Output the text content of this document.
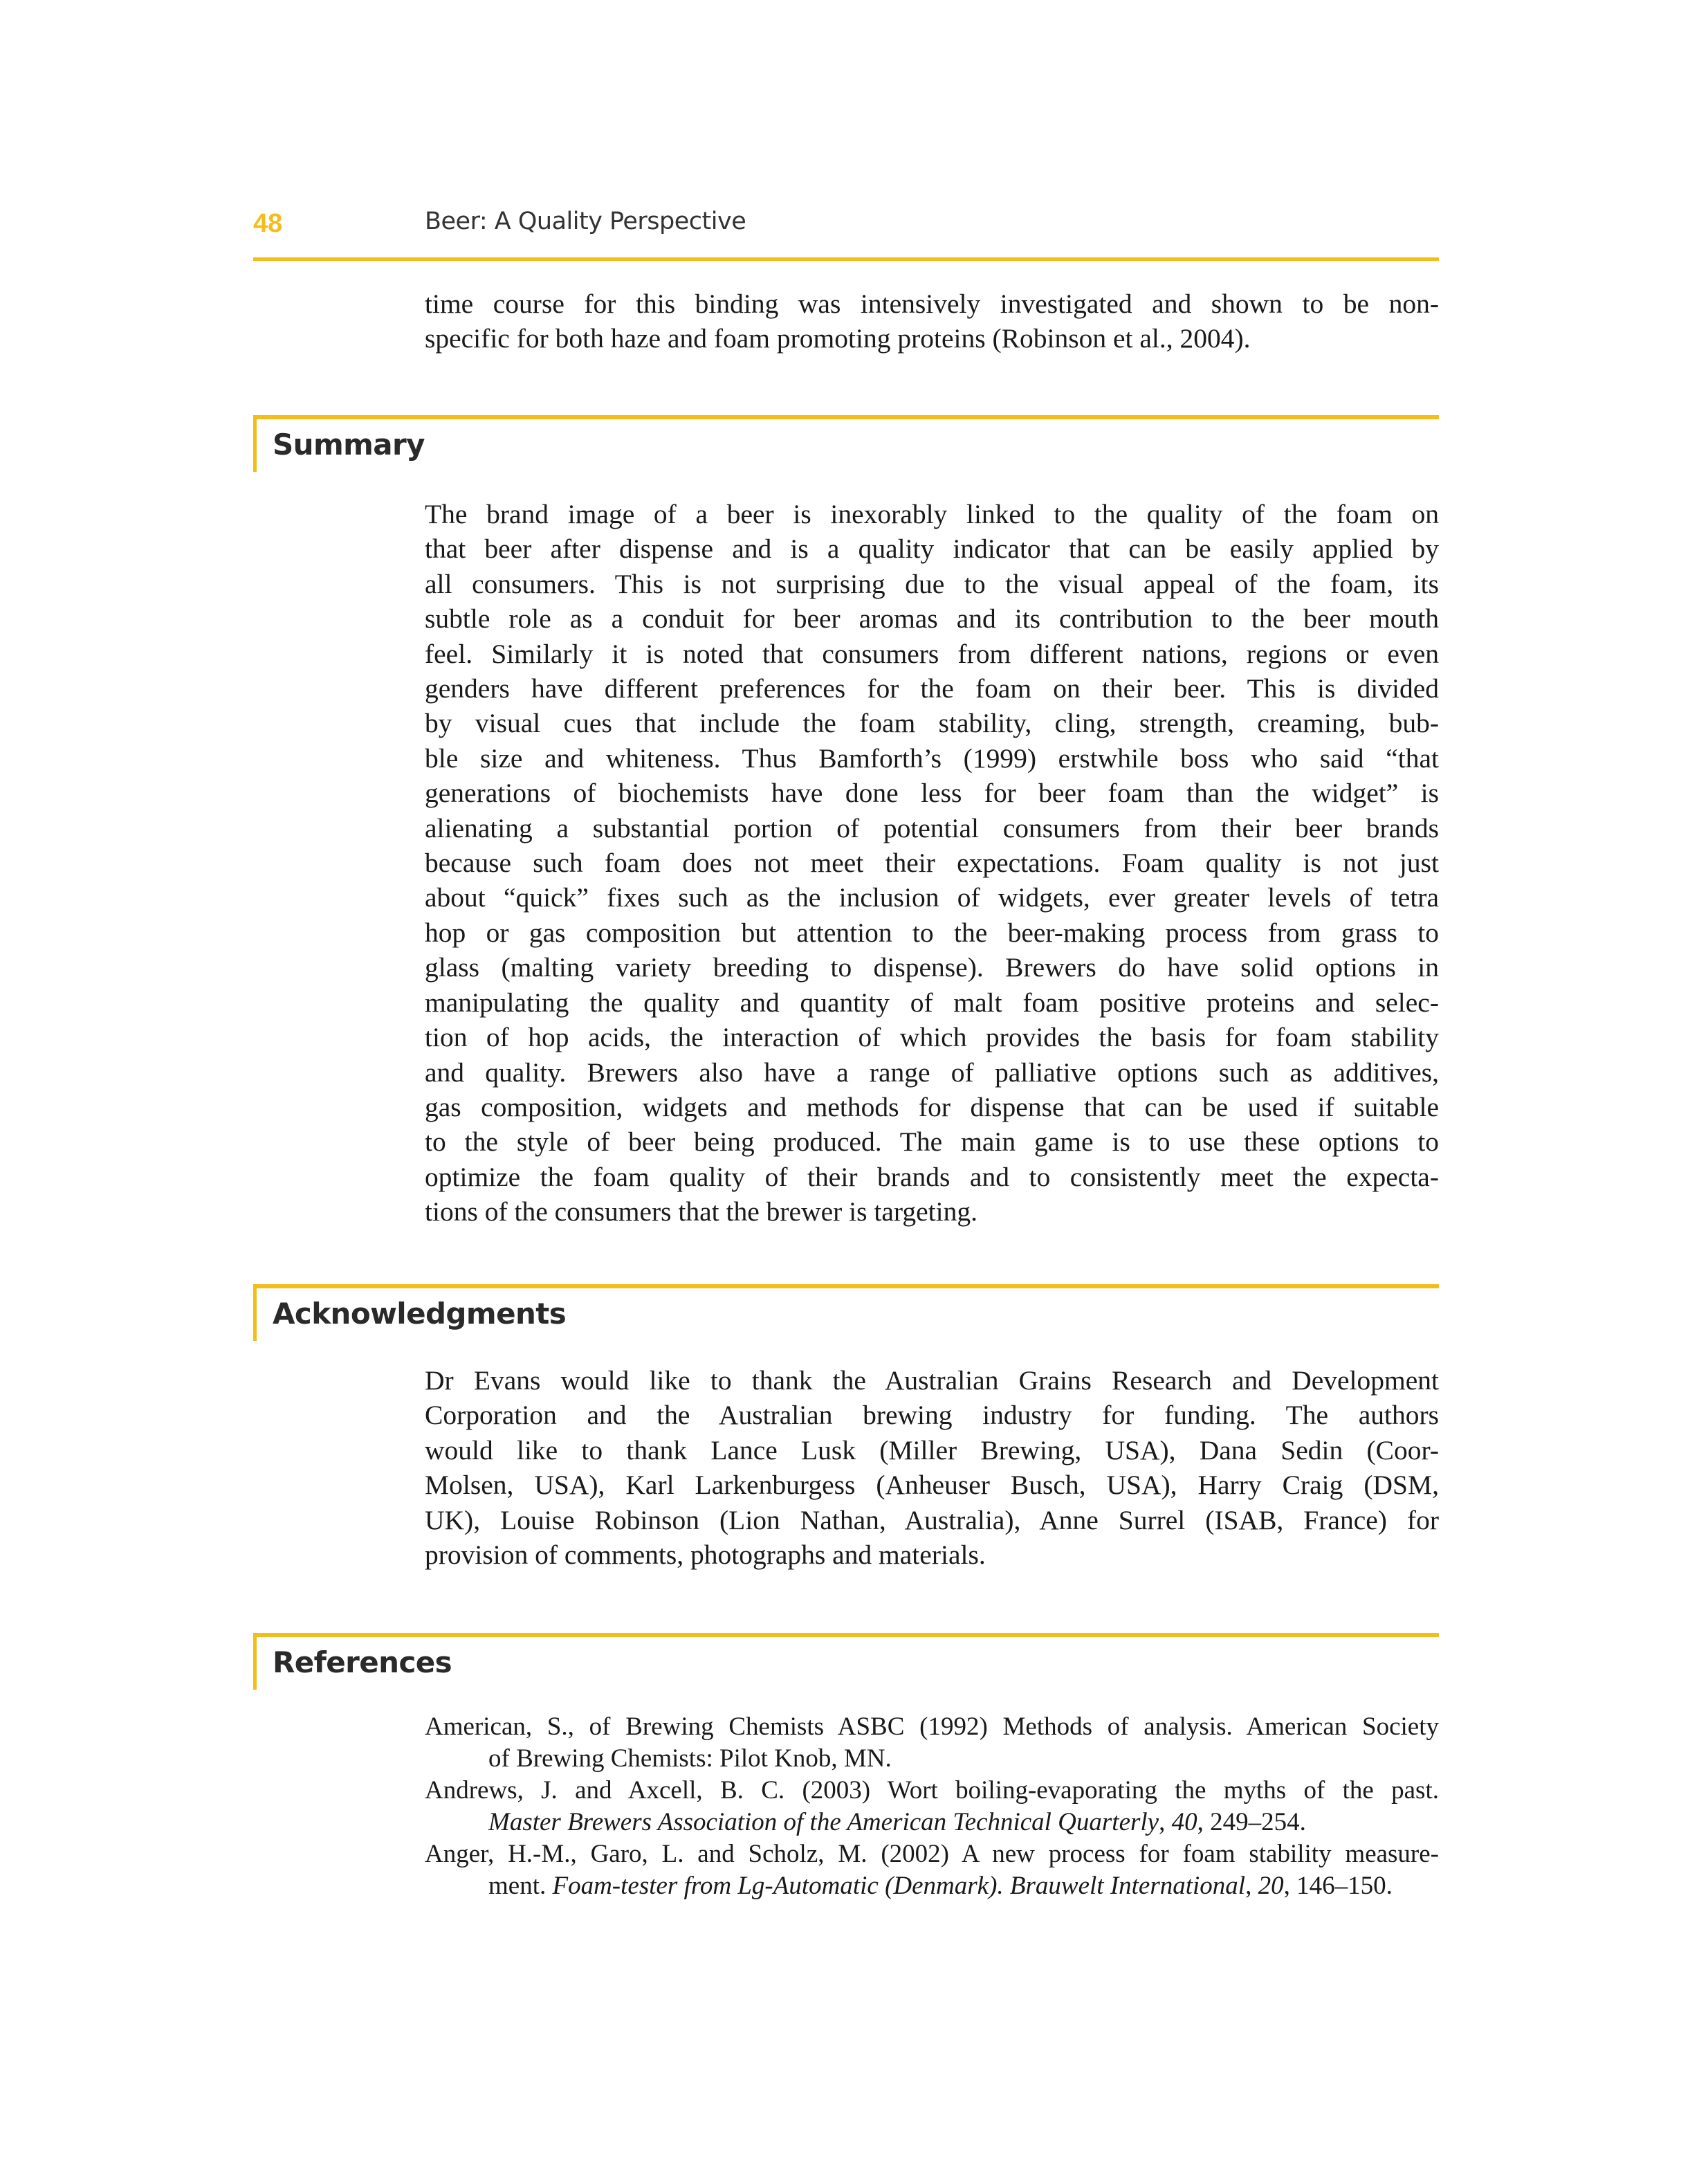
48	Beer: A Quality Perspective
time course for this binding was intensively investigated and shown to be non-
specific for both haze and foam promoting proteins (Robinson et al., 2004).
Summary
The brand image of a beer is inexorably linked to the quality of the foam on
that beer after dispense and is a quality indicator that can be easily applied by
all consumers. This is not surprising due to the visual appeal of the foam, its
subtle role as a conduit for beer aromas and its contribution to the beer mouth
feel. Similarly it is noted that consumers from different nations, regions or even
genders have different preferences for the foam on their beer. This is divided
by visual cues that include the foam stability, cling, strength, creaming, bub-
ble size and whiteness. Thus Bamforth’s (1999) erstwhile boss who said “that
generations of biochemists have done less for beer foam than the widget” is
alienating a substantial portion of potential consumers from their beer brands
because such foam does not meet their expectations. Foam quality is not just
about “quick” fixes such as the inclusion of widgets, ever greater levels of tetra
hop or gas composition but attention to the beer-making process from grass to
glass (malting variety breeding to dispense). Brewers do have solid options in
manipulating the quality and quantity of malt foam positive proteins and selec-
tion of hop acids, the interaction of which provides the basis for foam stability
and quality. Brewers also have a range of palliative options such as additives,
gas composition, widgets and methods for dispense that can be used if suitable
to the style of beer being produced. The main game is to use these options to
optimize the foam quality of their brands and to consistently meet the expecta-
tions of the consumers that the brewer is targeting.
Acknowledgments
Dr Evans would like to thank the Australian Grains Research and Development
Corporation and the Australian brewing industry for funding. The authors
would like to thank Lance Lusk (Miller Brewing, USA), Dana Sedin (Coor-
Molsen, USA), Karl Larkenburgess (Anheuser Busch, USA), Harry Craig (DSM,
UK), Louise Robinson (Lion Nathan, Australia), Anne Surrel (ISAB, France) for
provision of comments, photographs and materials.
References
American, S., of Brewing Chemists ASBC (1992) Methods of analysis. American Society
of Brewing Chemists: Pilot Knob, MN.
Andrews, J. and Axcell, B. C. (2003) Wort boiling-evaporating the myths of the past.
Master Brewers Association of the American Technical Quarterly, 40, 249–254.
Anger, H.-M., Garo, L. and Scholz, M. (2002) A new process for foam stability measure-
ment. Foam-tester from Lg-Automatic (Denmark). Brauwelt International, 20, 146–150.
